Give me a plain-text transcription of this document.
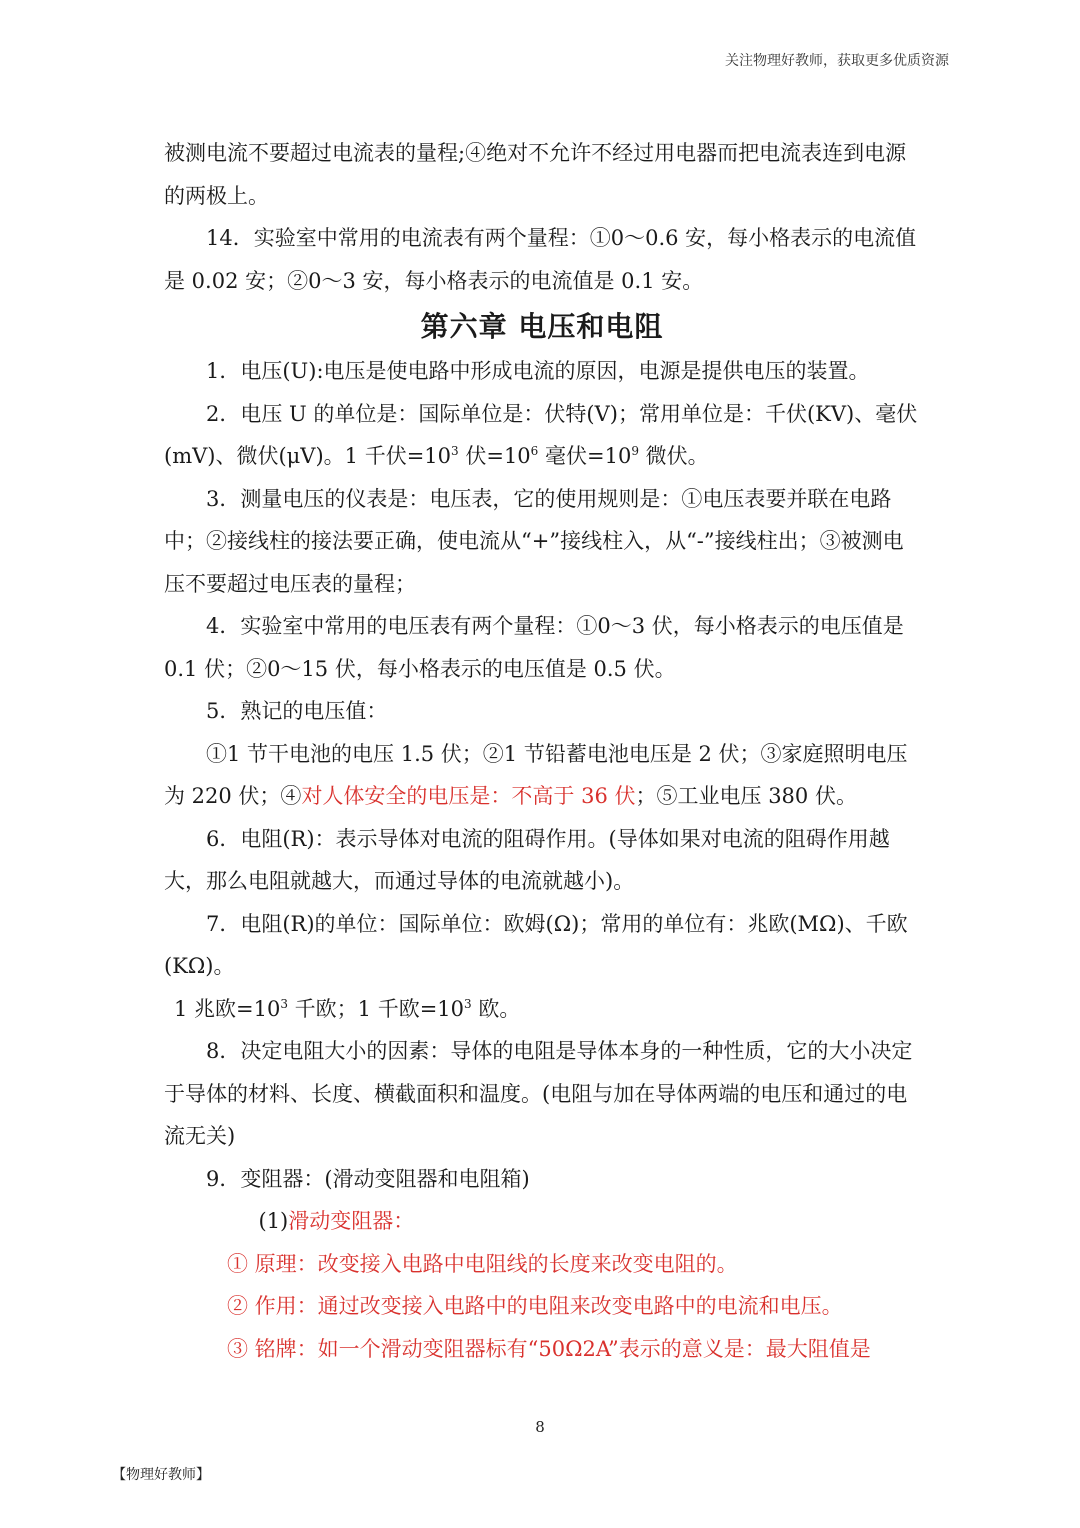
关注物理好教师，获取更多优质资源

被测电流不要超过电流表的量程;④绝对不允许不经过用电器而把电流表连到电源的两极上。

14．实验室中常用的电流表有两个量程：①0～0.6 安，每小格表示的电流值是 0.02 安；②0～3 安，每小格表示的电流值是 0.1 安。

第六章 电压和电阻

1．电压(U):电压是使电路中形成电流的原因，电源是提供电压的装置。

2．电压 U 的单位是：国际单位是：伏特(V)；常用单位是：千伏(KV)、毫伏(mV)、微伏(μV)。1 千伏$=10^3$ 伏$=10^6$ 毫伏$=10^9$ 微伏。

3．测量电压的仪表是：电压表，它的使用规则是：①电压表要并联在电路中；②接线柱的接法要正确，使电流从“+”接线柱入，从“-”接线柱出；③被测电压不要超过电压表的量程；

4．实验室中常用的电压表有两个量程：①0～3 伏，每小格表示的电压值是 0.1 伏；②0～15 伏，每小格表示的电压值是 0.5 伏。

5．熟记的电压值：

①1 节干电池的电压 1.5 伏；②1 节铅蓄电池电压是 2 伏；③家庭照明电压为 220 伏；④对人体安全的电压是：不高于 36 伏；⑤工业电压 380 伏。

6．电阻(R)：表示导体对电流的阻碍作用。(导体如果对电流的阻碍作用越大，那么电阻就越大，而通过导体的电流就越小)。

7．电阻(R)的单位：国际单位：欧姆(Ω)；常用的单位有：兆欧(MΩ)、千欧(KΩ)。

1 兆欧$=10^3$ 千欧；1 千欧$=10^3$ 欧。

8．决定电阻大小的因素：导体的电阻是导体本身的一种性质，它的大小决定于导体的材料、长度、横截面积和温度。(电阻与加在导体两端的电压和通过的电流无关)

9．变阻器：(滑动变阻器和电阻箱)

(1)滑动变阻器：

① 原理：改变接入电路中电阻线的长度来改变电阻的。

② 作用：通过改变接入电路中的电阻来改变电路中的电流和电压。

③ 铭牌：如一个滑动变阻器标有“50Ω2A”表示的意义是：最大阻值是

8
【物理好教师】
